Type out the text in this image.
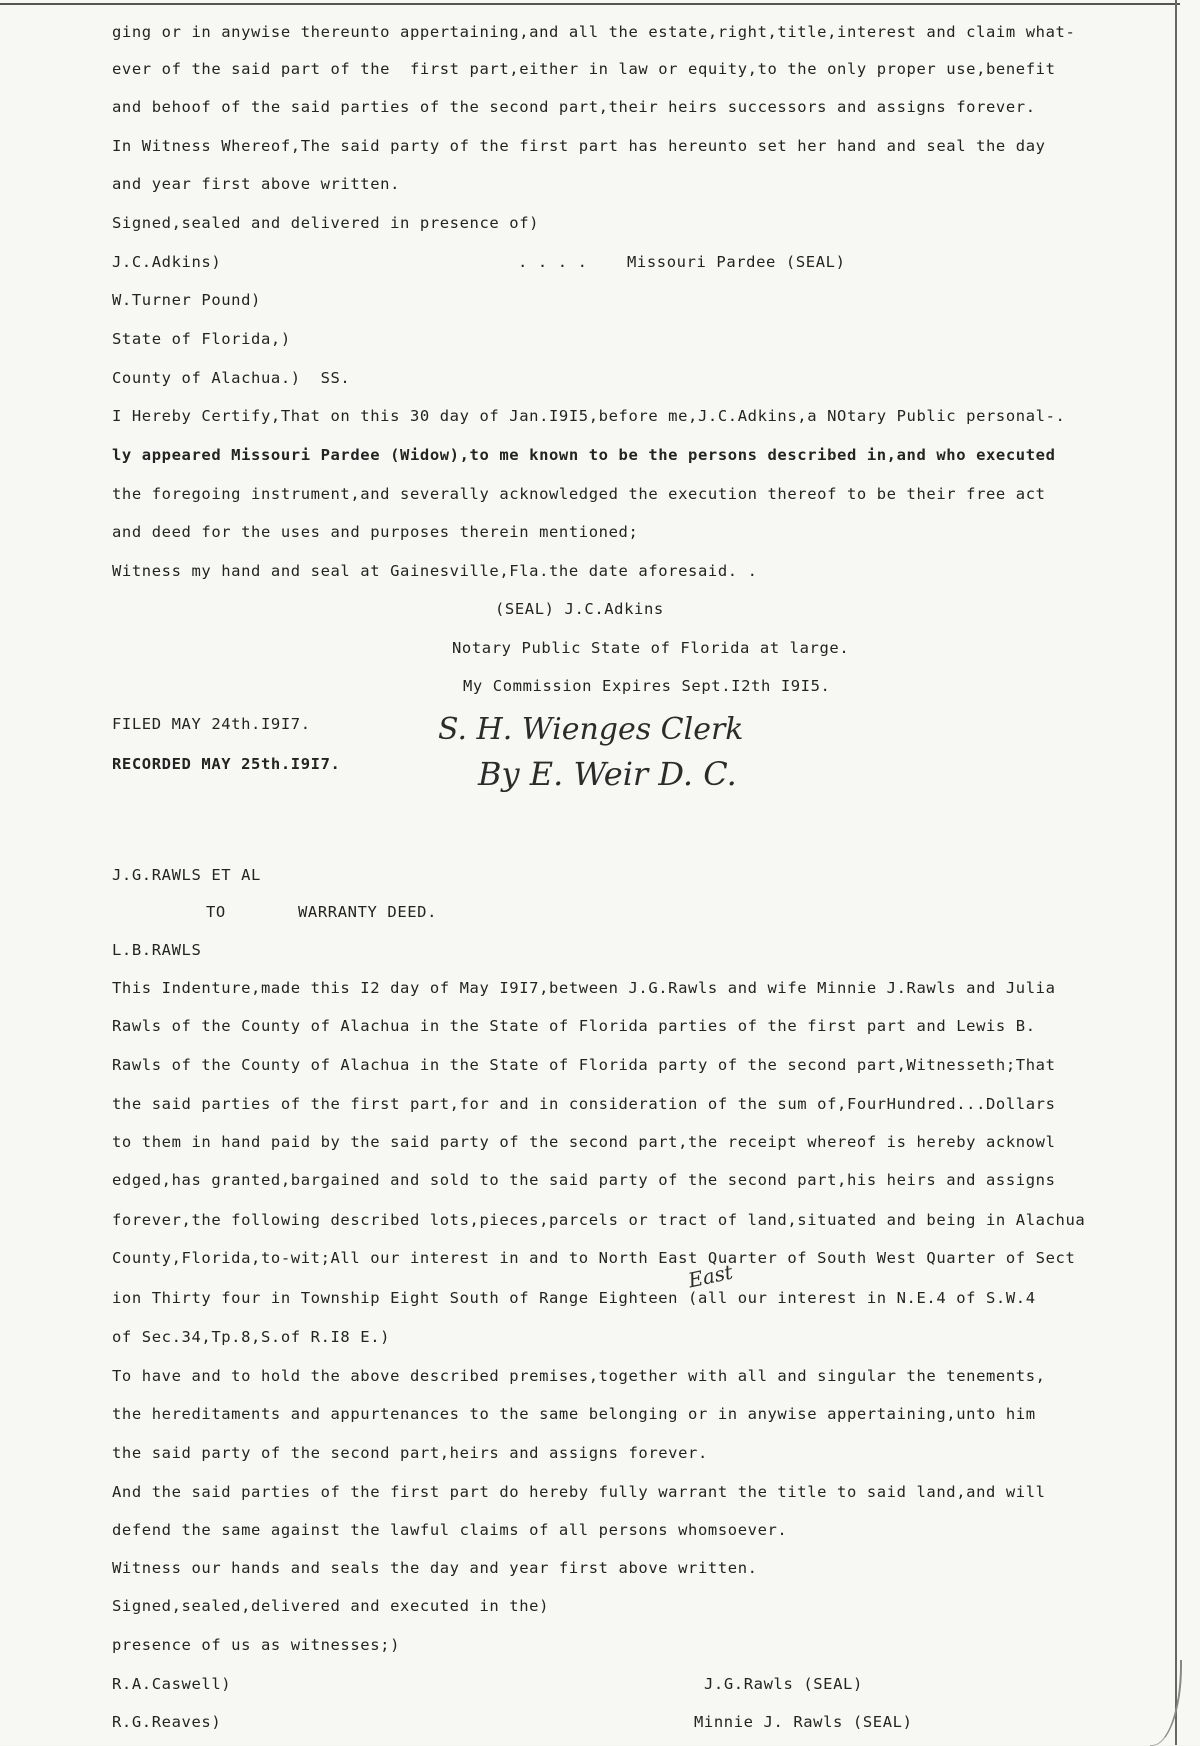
ging or in anywise thereunto appertaining,and all the estate,right,title,interest and claim what-
ever of the said part of the  first part,either in law or equity,to the only proper use,benefit
and behoof of the said parties of the second part,their heirs successors and assigns forever.
In Witness Whereof,The said party of the first part has hereunto set her hand and seal the day
and year first above written.
Signed,sealed and delivered in presence of)
J.C.Adkins)	. . . .	Missouri Pardee (SEAL)
W.Turner Pound)
State of Florida,)
County of Alachua.)  SS.
I Hereby Certify,That on this 30 day of Jan.I9I5,before me,J.C.Adkins,a NOtary Public personal-.
ly appeared Missouri Pardee (Widow),to me known to be the persons described in,and who executed
the foregoing instrument,and severally acknowledged the execution thereof to be their free act
and deed for the uses and purposes therein mentioned;
Witness my hand and seal at Gainesville,Fla.the date aforesaid. .
(SEAL) J.C.Adkins
Notary Public State of Florida at large.
My Commission Expires Sept.I2th I9I5.
FILED MAY 24th.I9I7.
RECORDED MAY 25th.I9I7.
S. H. Wienges Clerk
By E. Weir D. C.
J.G.RAWLS ET AL
TO	WARRANTY DEED.
L.B.RAWLS
This Indenture,made this I2 day of May I9I7,between J.G.Rawls and wife Minnie J.Rawls and Julia
Rawls of the County of Alachua in the State of Florida parties of the first part and Lewis B.
Rawls of the County of Alachua in the State of Florida party of the second part,Witnesseth;That
the said parties of the first part,for and in consideration of the sum of,FourHundred...Dollars
to them in hand paid by the said party of the second part,the receipt whereof is hereby acknowl
edged,has granted,bargained and sold to the said party of the second part,his heirs and assigns
forever,the following described lots,pieces,parcels or tract of land,situated and being in Alachua
County,Florida,to-wit;All our interest in and to North East Quarter of South West Quarter of Sect
East
ion Thirty four in Township Eight South of Range Eighteen (all our interest in N.E.4 of S.W.4
of Sec.34,Tp.8,S.of R.I8 E.)
To have and to hold the above described premises,together with all and singular the tenements,
the hereditaments and appurtenances to the same belonging or in anywise appertaining,unto him
the said party of the second part,heirs and assigns forever.
And the said parties of the first part do hereby fully warrant the title to said land,and will
defend the same against the lawful claims of all persons whomsoever.
Witness our hands and seals the day and year first above written.
Signed,sealed,delivered and executed in the)
presence of us as witnesses;)
R.A.Caswell)	J.G.Rawls (SEAL)
R.G.Reaves)	Minnie J. Rawls (SEAL)
